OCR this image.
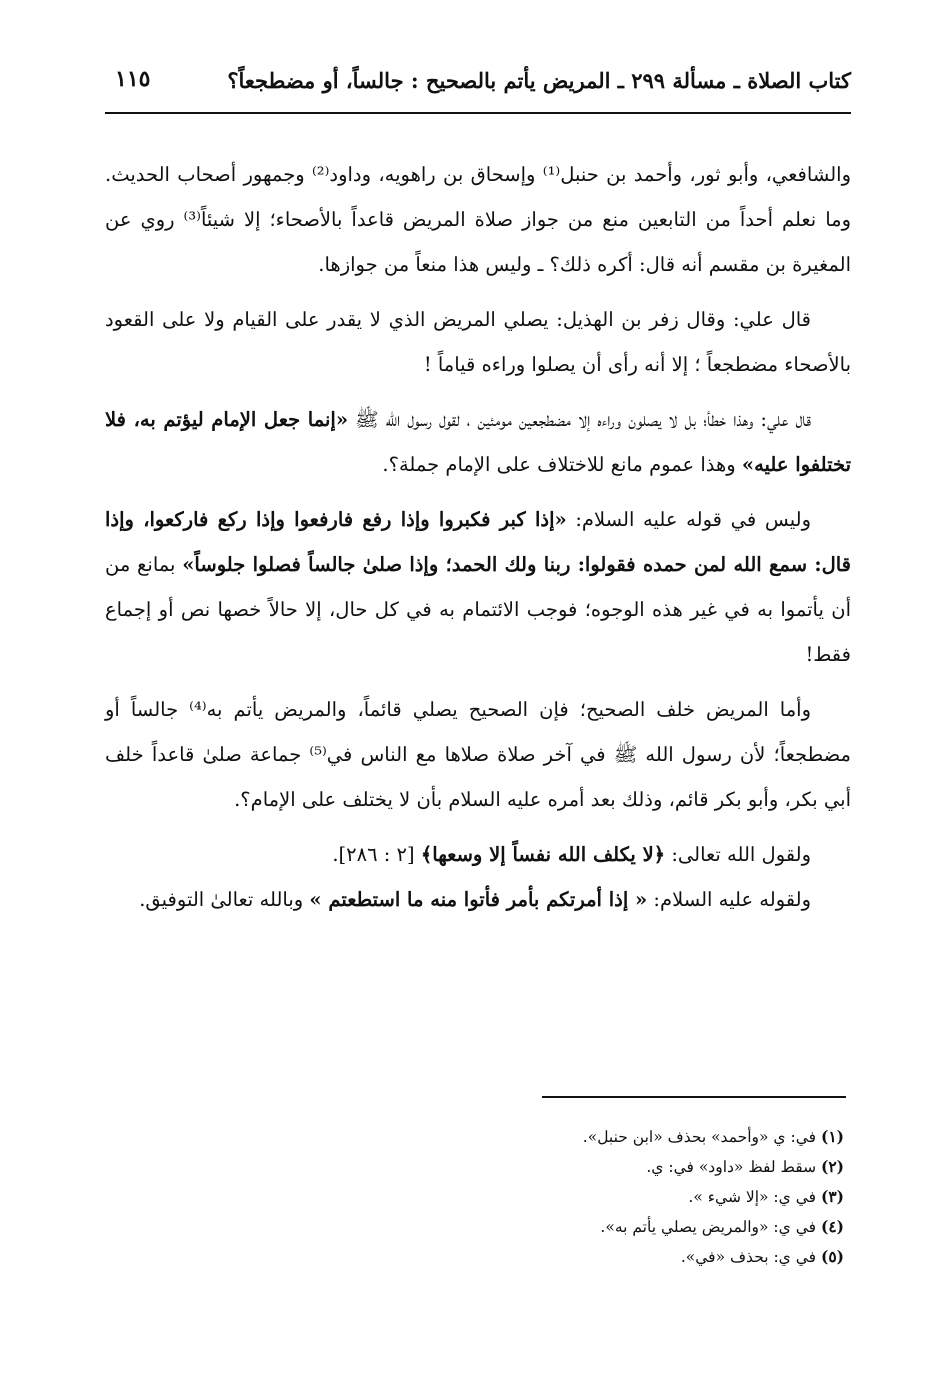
كتاب الصلاة ـ مسألة ٢٩٩ ـ المريض يأتم بالصحيح : جالساً، أو مضطجعاً؟
١١٥

والشافعي، وأبو ثور، وأحمد بن حنبل⁽¹⁾ وإسحاق بن راهويه، وداود⁽²⁾ وجمهور أصحاب الحديث. وما نعلم أحداً من التابعين منع من جواز صلاة المريض قاعداً بالأصحاء؛ إلا شيئاً⁽³⁾ روي عن المغيرة بن مقسم أنه قال: أكره ذلك؟ ـ وليس هذا منعاً من جوازها.

قال علي: وقال زفر بن الهذيل: يصلي المريض الذي لا يقدر على القيام ولا على القعود بالأصحاء مضطجعاً ؛ إلا أنه رأى أن يصلوا وراءه قياماً !

قال علي: وهذا خطأ؛ بل لا يصلون وراءه إلا مضطجعين مومئين ، لقول رسول الله ﷺ «إنما جعل الإمام ليؤتم به، فلا تختلفوا عليه» وهذا عموم مانع للاختلاف على الإمام جملة؟.

وليس في قوله عليه السلام: «إذا كبر فكبروا وإذا رفع فارفعوا وإذا ركع فاركعوا، وإذا قال: سمع الله لمن حمده فقولوا: ربنا ولك الحمد؛ وإذا صلىٰ جالساً فصلوا جلوساً» بمانع من أن يأتموا به في غير هذه الوجوه؛ فوجب الائتمام به في كل حال، إلا حالاً خصها نص أو إجماع فقط!

وأما المريض خلف الصحيح؛ فإن الصحيح يصلي قائماً، والمريض يأتم به⁽⁴⁾ جالساً أو مضطجعاً؛ لأن رسول الله ﷺ في آخر صلاة صلاها مع الناس في⁽⁵⁾ جماعة صلىٰ قاعداً خلف أبي بكر، وأبو بكر قائم، وذلك بعد أمره عليه السلام بأن لا يختلف على الإمام؟.

ولقول الله تعالى: ﴿لا يكلف الله نفساً إلا وسعها﴾ [٢ : ٢٨٦].

ولقوله عليه السلام: « إذا أمرتكم بأمر فأتوا منه ما استطعتم » وبالله تعالىٰ التوفيق.

(١) في: ي «وأحمد» بحذف «ابن حنبل».
(٢) سقط لفظ «داود» في: ي.
(٣) في ي: «إلا شيء ».
(٤) في ي: «والمريض يصلي يأتم به».
(٥) في ي: بحذف «في».
